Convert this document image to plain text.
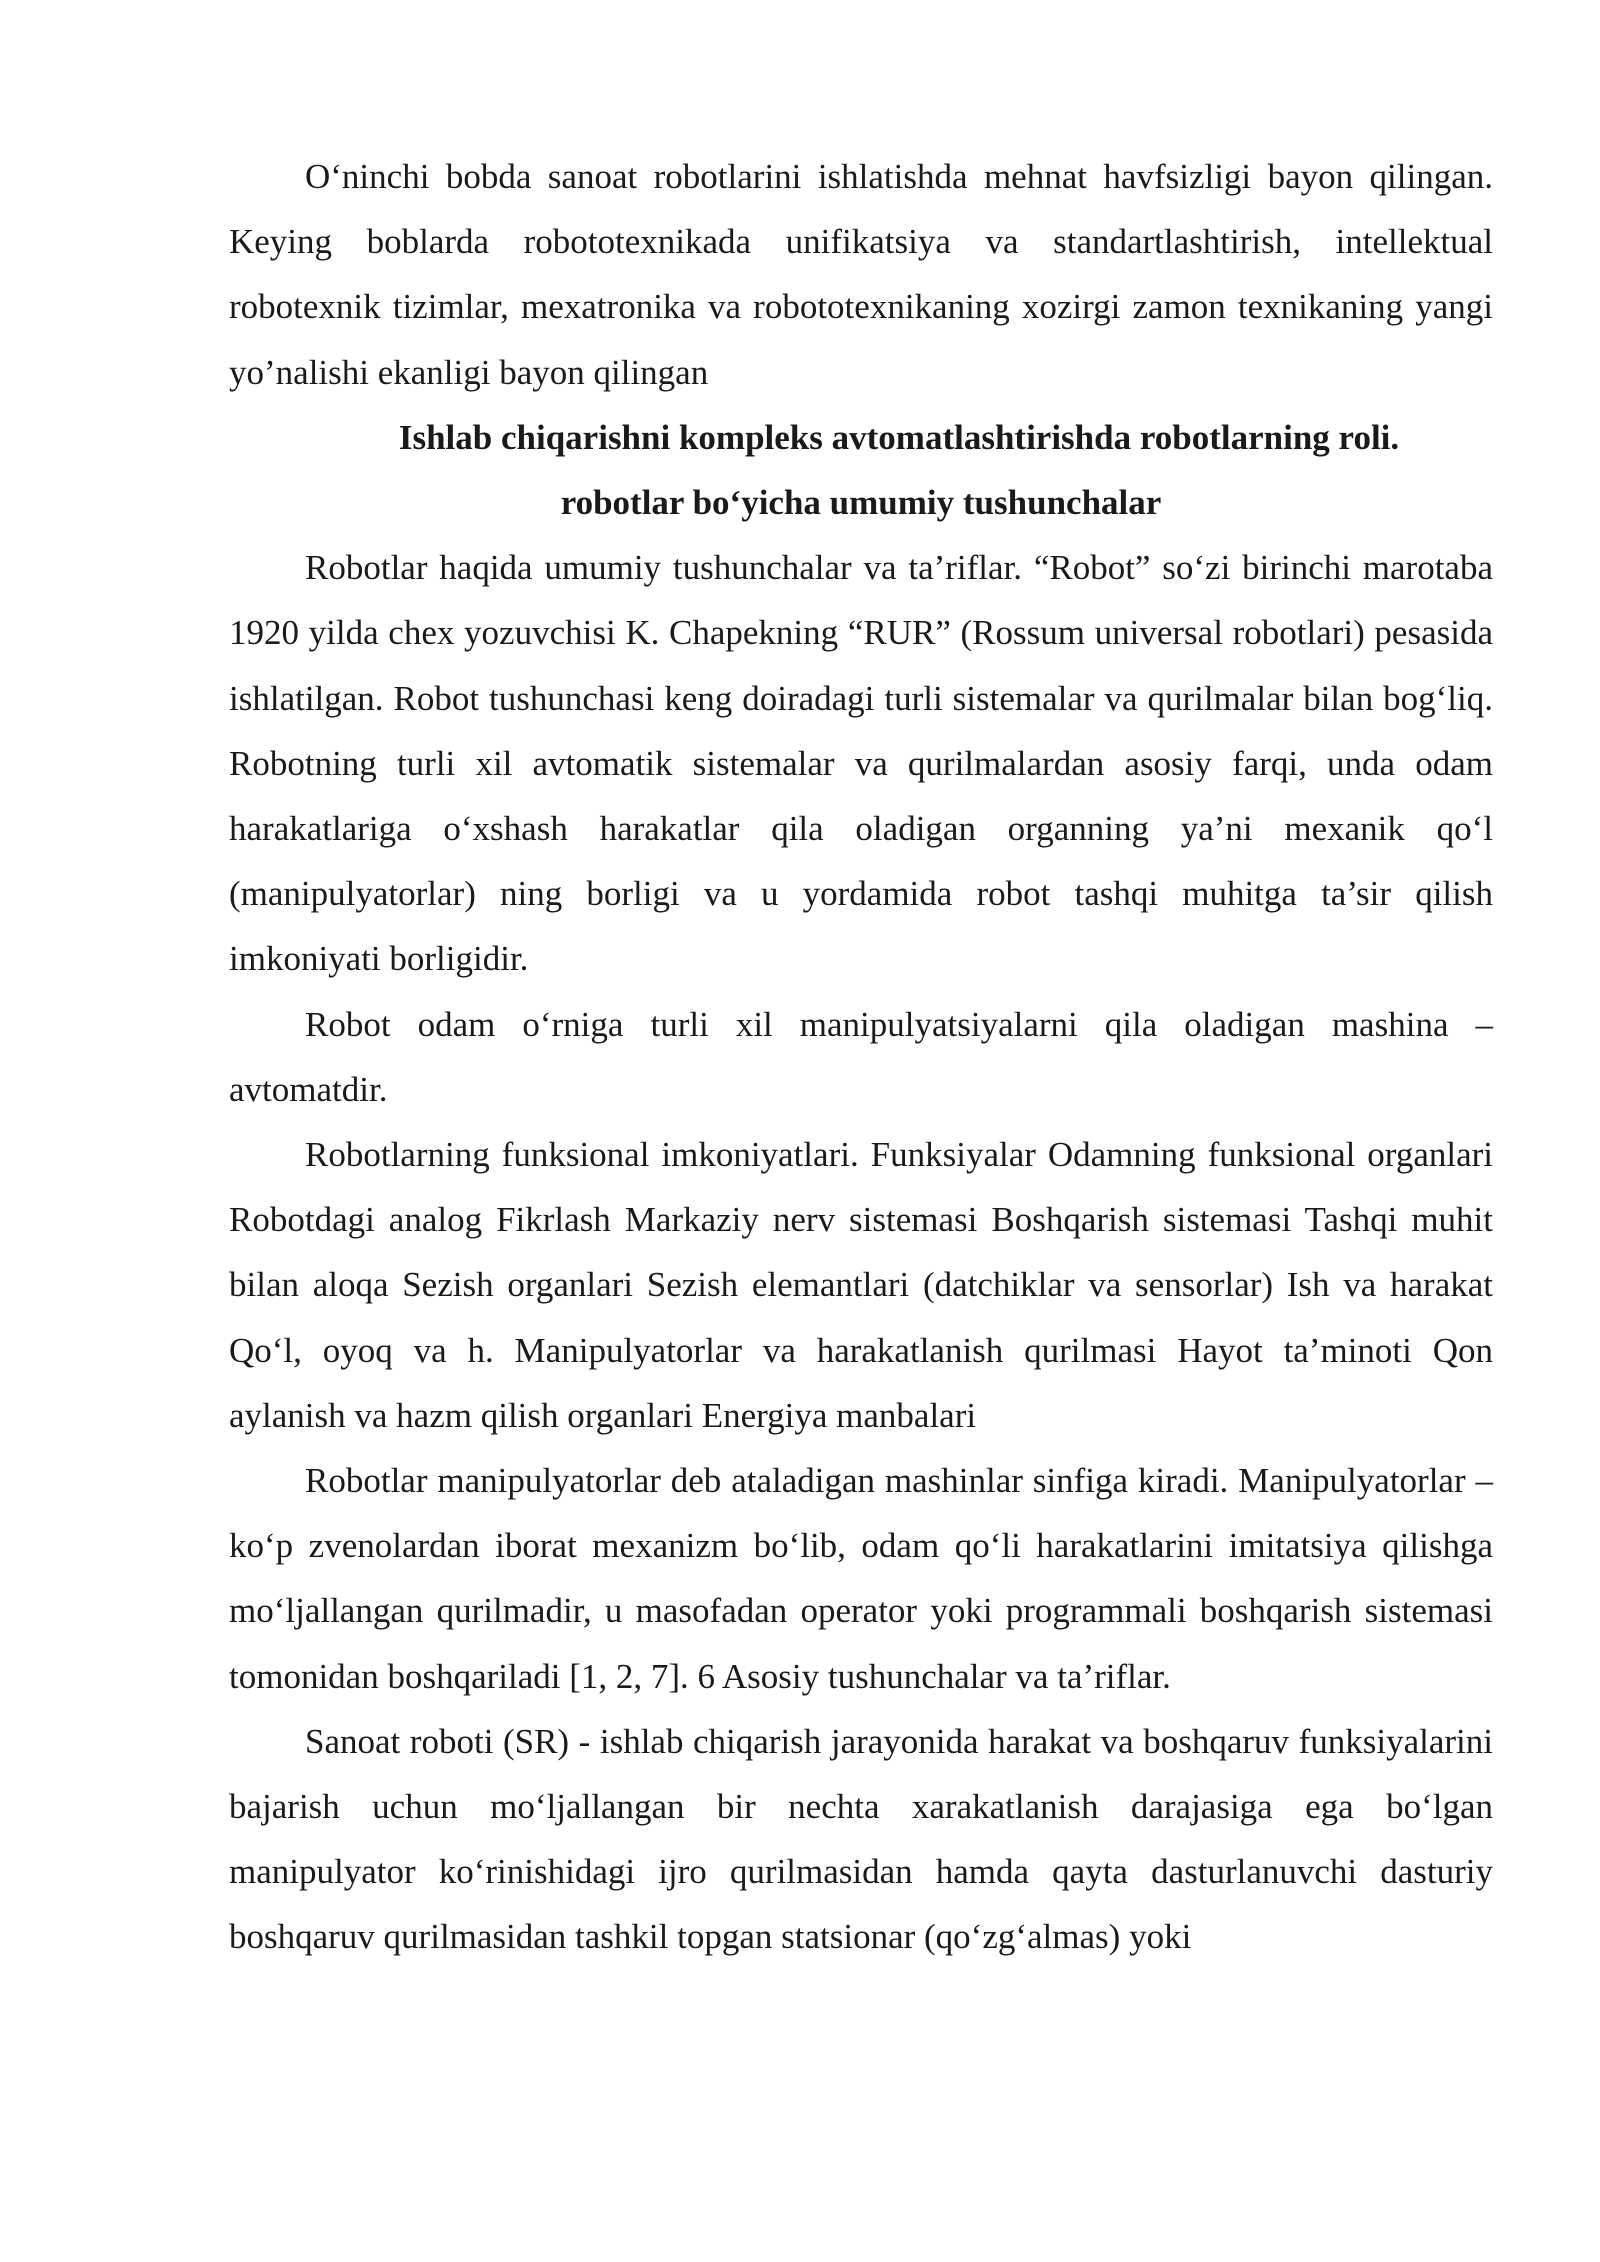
O‘ninchi bobda sanoat robotlarini ishlatishda mehnat havfsizligi bayon qilingan. Keying boblarda robototexnikada unifikatsiya va standartlashtirish, intellektual robotexnik tizimlar, mexatronika va robototexnikaning xozirgi zamon texnikaning yangi yo’nalishi ekanligi bayon qilingan

Ishlab chiqarishni kompleks avtomatlashtirishda robotlarning roli.

robotlar bo‘yicha umumiy tushunchalar

Robotlar haqida umumiy tushunchalar va ta’riflar. “Robot” so‘zi birinchi marotaba 1920 yilda chex yozuvchisi K. Chapekning “RUR” (Rossum universal robotlari) pesasida ishlatilgan. Robot tushunchasi keng doiradagi turli sistemalar va qurilmalar bilan bog‘liq. Robotning turli xil avtomatik sistemalar va qurilmalardan asosiy farqi, unda odam harakatlariga o‘xshash harakatlar qila oladigan organning ya’ni mexanik qo‘l (manipulyatorlar) ning borligi va u yordamida robot tashqi muhitga ta’sir qilish imkoniyati borligidir.

Robot odam o‘rniga turli xil manipulyatsiyalarni qila oladigan mashina – avtomatdir.

Robotlarning funksional imkoniyatlari. Funksiyalar Odamning funksional organlari Robotdagi analog Fikrlash Markaziy nerv sistemasi Boshqarish sistemasi Tashqi muhit bilan aloqa Sezish organlari Sezish elemantlari (datchiklar va sensorlar) Ish va harakat Qo‘l, oyoq va h. Manipulyatorlar va harakatlanish qurilmasi Hayot ta’minoti Qon aylanish va hazm qilish organlari Energiya manbalari

Robotlar manipulyatorlar deb ataladigan mashinlar sinfiga kiradi. Manipulyatorlar – ko‘p zvenolardan iborat mexanizm bo‘lib, odam qo‘li harakatlarini imitatsiya qilishga mo‘ljallangan qurilmadir, u masofadan operator yoki programmali boshqarish sistemasi tomonidan boshqariladi [1, 2, 7]. 6 Asosiy tushunchalar va ta’riflar.

Sanoat roboti (SR) - ishlab chiqarish jarayonida harakat va boshqaruv funksiyalarini bajarish uchun mo‘ljallangan bir nechta xarakatlanish darajasiga ega bo‘lgan manipulyator ko‘rinishidagi ijro qurilmasidan hamda qayta dasturlanuvchi dasturiy boshqaruv qurilmasidan tashkil topgan statsionar (qo‘zg‘almas) yoki
